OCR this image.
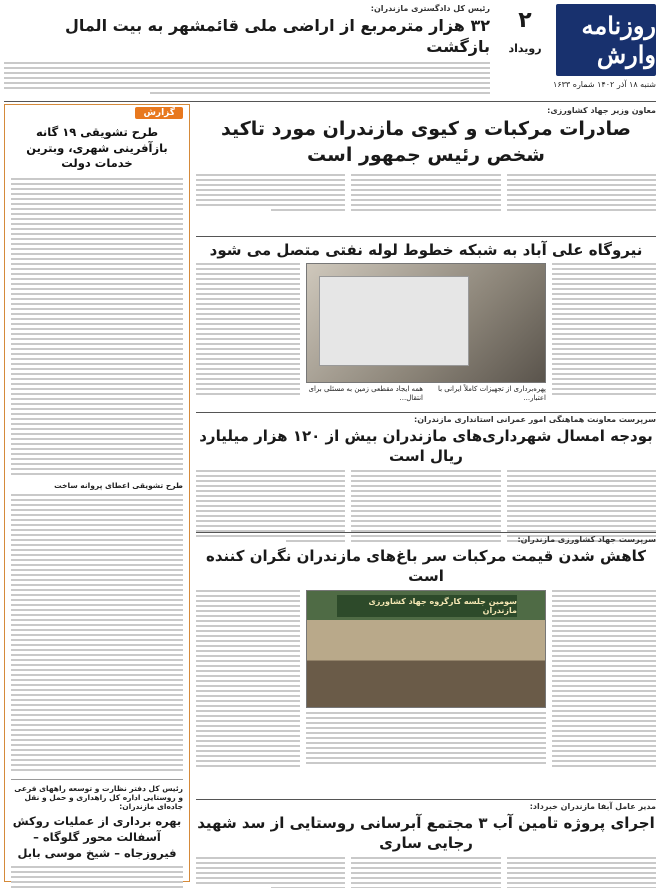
روزنامه وارش
۲
رویداد
شنبه ۱۸ آذر ۱۴۰۲ شماره ۱۶۳۳
رئیس کل دادگستری مازندران:
۳۲ هزار مترمربع از اراضی ملی قائمشهر به بیت المال بازگشت
گزارش
طرح تشویقی ۱۹ گانه بازآفرینی شهری، وبترین خدمات دولت
طرح تشویقی اعطای پروانه ساخت
رئیس کل دفتر نظارت و توسعه راههای فرعی و روستایی اداره کل راهداری و حمل و نقل جاده‌ای مازندران:
بهره برداری از عملیات روکش آسفالت محور گلوگاه – فیروزجاه – شیخ موسی بابل
معاون وزیر جهاد کشاورزی:
صادرات مرکبات و کیوی مازندران مورد تاکید شخص رئیس جمهور است
نیروگاه علی آباد به شبکه خطوط لوله نفتی متصل می شود
پهره‌برداری از تجهیزات کاملاً ایرانی با اعتبار...
همه ایجاد مقطعی زمین به مسئلی برای انتقال...
سرپرست معاونت هماهنگی امور عمرانی استانداری مازندران:
بودجه امسال شهرداری‌های مازندران بیش از ۱۲۰ هزار میلیارد ریال است
سرپرست جهاد کشاورزی مازندران:
کاهش شدن قیمت مرکبات سر باغ‌های مازندران نگران کننده است
سومین جلسه کارگروه جهاد کشاورزی مازندران
مدیر عامل آبفا مازندران خبرداد:
اجرای پروژه تامین آب ۳ مجتمع آبرسانی روستایی از سد شهید رجایی ساری
